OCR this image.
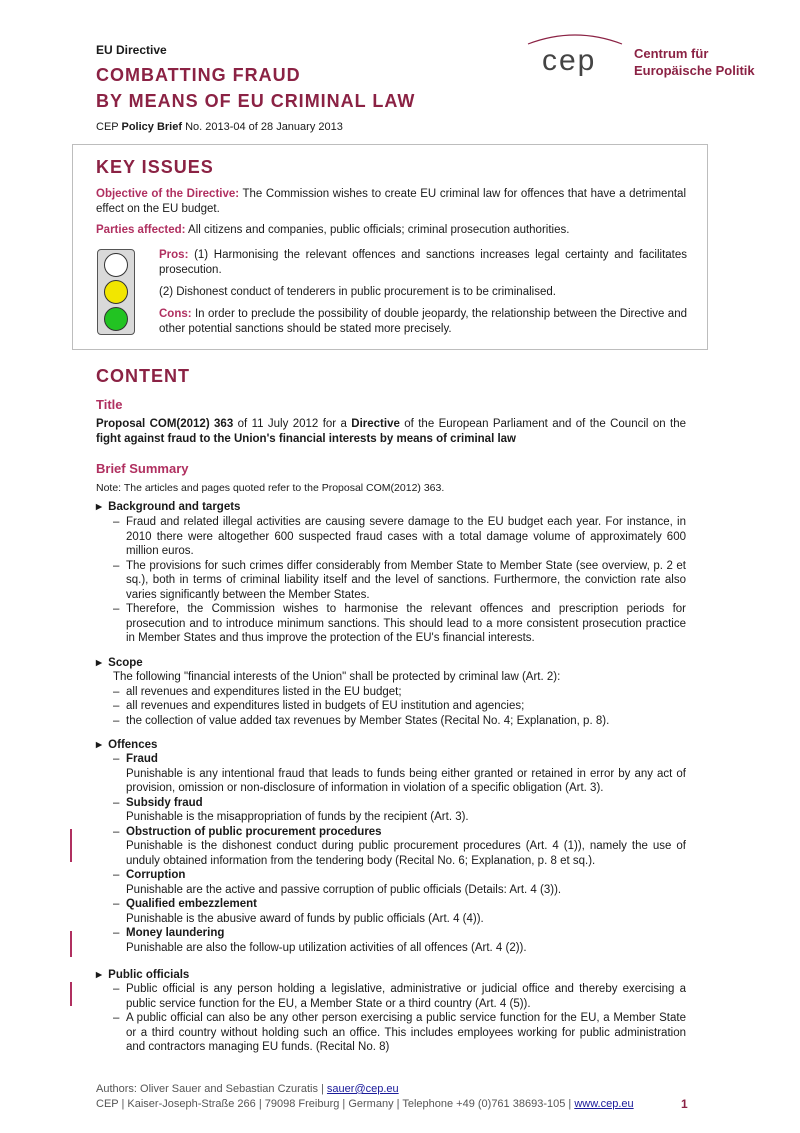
EU Directive
COMBATTING FRAUD
BY MEANS OF EU CRIMINAL LAW
CEP Policy Brief No. 2013-04 of 28 January 2013
cep	Centrum für
Europäische Politik
KEY ISSUES
Objective of the Directive: The Commission wishes to create EU criminal law for offences that have a detrimental effect on the EU budget.
Parties affected: All citizens and companies, public officials; criminal prosecution authorities.
Pros: (1) Harmonising the relevant offences and sanctions increases legal certainty and facilitates prosecution.
(2) Dishonest conduct of tenderers in public procurement is to be criminalised.
Cons: In order to preclude the possibility of double jeopardy, the relationship between the Directive and other potential sanctions should be stated more precisely.
CONTENT
Title
Proposal COM(2012) 363 of 11 July 2012 for a Directive of the European Parliament and of the Council on the fight against fraud to the Union's financial interests by means of criminal law
Brief Summary
Note: The articles and pages quoted refer to the Proposal COM(2012) 363.
▸ Background and targets
– Fraud and related illegal activities are causing severe damage to the EU budget each year. For instance, in 2010 there were altogether 600 suspected fraud cases with a total damage volume of approximately 600 million euros.
– The provisions for such crimes differ considerably from Member State to Member State (see overview, p. 2 et sq.), both in terms of criminal liability itself and the level of sanctions. Furthermore, the conviction rate also varies significantly between the Member States.
– Therefore, the Commission wishes to harmonise the relevant offences and prescription periods for prosecution and to introduce minimum sanctions. This should lead to a more consistent prosecution practice in Member States and thus improve the protection of the EU's financial interests.
▸ Scope
The following "financial interests of the Union" shall be protected by criminal law (Art. 2):
– all revenues and expenditures listed in the EU budget;
– all revenues and expenditures listed in budgets of EU institution and agencies;
– the collection of value added tax revenues by Member States (Recital No. 4; Explanation, p. 8).
▸ Offences
– Fraud
Punishable is any intentional fraud that leads to funds being either granted or retained in error by any act of provision, omission or non-disclosure of information in violation of a specific obligation (Art. 3).
– Subsidy fraud
Punishable is the misappropriation of funds by the recipient (Art. 3).
– Obstruction of public procurement procedures
Punishable is the dishonest conduct during public procurement procedures (Art. 4 (1)), namely the use of unduly obtained information from the tendering body (Recital No. 6; Explanation, p. 8 et sq.).
– Corruption
Punishable are the active and passive corruption of public officials (Details: Art. 4 (3)).
– Qualified embezzlement
Punishable is the abusive award of funds by public officials (Art. 4 (4)).
– Money laundering
Punishable are also the follow-up utilization activities of all offences (Art. 4 (2)).
▸ Public officials
– Public official is any person holding a legislative, administrative or judicial office and thereby exercising a public service function for the EU, a Member State or a third country (Art. 4 (5)).
– A public official can also be any other person exercising a public service function for the EU, a Member State or a third country without holding such an office. This includes employees working for public administration and contractors managing EU funds. (Recital No. 8)
Authors: Oliver Sauer and Sebastian Czuratis | sauer@cep.eu
CEP | Kaiser-Joseph-Straße 266 | 79098 Freiburg | Germany | Telephone +49 (0)761 38693-105 | www.cep.eu	1
